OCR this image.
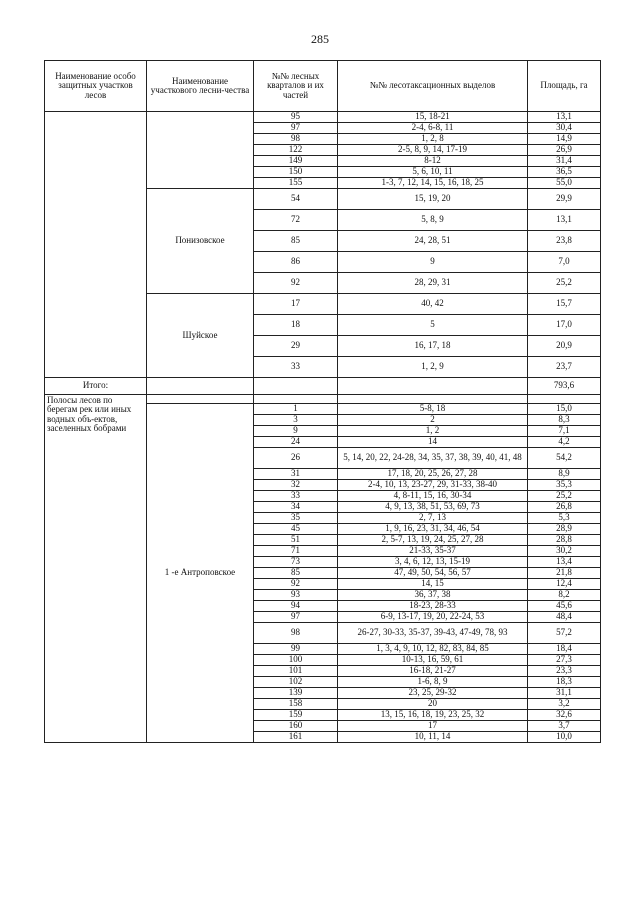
285
Наименование особо защитных участков лесов	Наименование участкового лесни-чества	№№ лесных кварталов и их частей	№№ лесотаксационных выделов	Площадь, га
		95	15, 18-21	13,1
		97	2-4, 6-8, 11	30,4
		98	1, 2, 8	14,9
		122	2-5, 8, 9, 14, 17-19	26,9
		149	8-12	31,4
		150	5, 6, 10, 11	36,5
		155	1-3, 7, 12, 14, 15, 16, 18, 25	55,0
	Понизовское	54	15, 19, 20	29,9
		72	5, 8, 9	13,1
		85	24, 28, 51	23,8
		86	9	7,0
		92	28, 29, 31	25,2
	Шуйское	17	40, 42	15,7
		18	5	17,0
		29	16, 17, 18	20,9
		33	1, 2, 9	23,7
Итого:				793,6
Полосы лесов по берегам рек или иных водных объ-ектов, заселенных бобрами				
	1 -е Антроповское	1	5-8, 18	15,0
		3	2	8,3
		9	1, 2	7,1
		24	14	4,2
		26	5, 14, 20, 22, 24-28, 34, 35, 37, 38, 39, 40, 41, 48	54,2
		31	17, 18, 20, 25, 26, 27, 28	8,9
		32	2-4, 10, 13, 23-27, 29, 31-33, 38-40	35,3
		33	4, 8-11, 15, 16, 30-34	25,2
		34	4, 9, 13, 38, 51, 53, 69, 73	26,8
		35	2, 7, 13	5,3
		45	1, 9, 16, 23, 31, 34, 46, 54	28,9
		51	2, 5-7, 13, 19, 24, 25, 27, 28	28,8
		71	21-33, 35-37	30,2
		73	3, 4, 6, 12, 13, 15-19	13,4
		85	47, 49, 50, 54, 56, 57	21,8
		92	14, 15	12,4
		93	36, 37, 38	8,2
		94	18-23, 28-33	45,6
		97	6-9, 13-17, 19, 20, 22-24, 53	48,4
		98	26-27, 30-33, 35-37, 39-43, 47-49, 78, 93	57,2
		99	1, 3, 4, 9, 10, 12, 82, 83, 84, 85	18,4
		100	10-13, 16, 59, 61	27,3
		101	16-18, 21-27	23,3
		102	1-6, 8, 9	18,3
		139	23, 25, 29-32	31,1
		158	20	3,2
		159	13, 15, 16, 18, 19, 23, 25, 32	32,6
		160	17	3,7
		161	10, 11, 14	10,0
